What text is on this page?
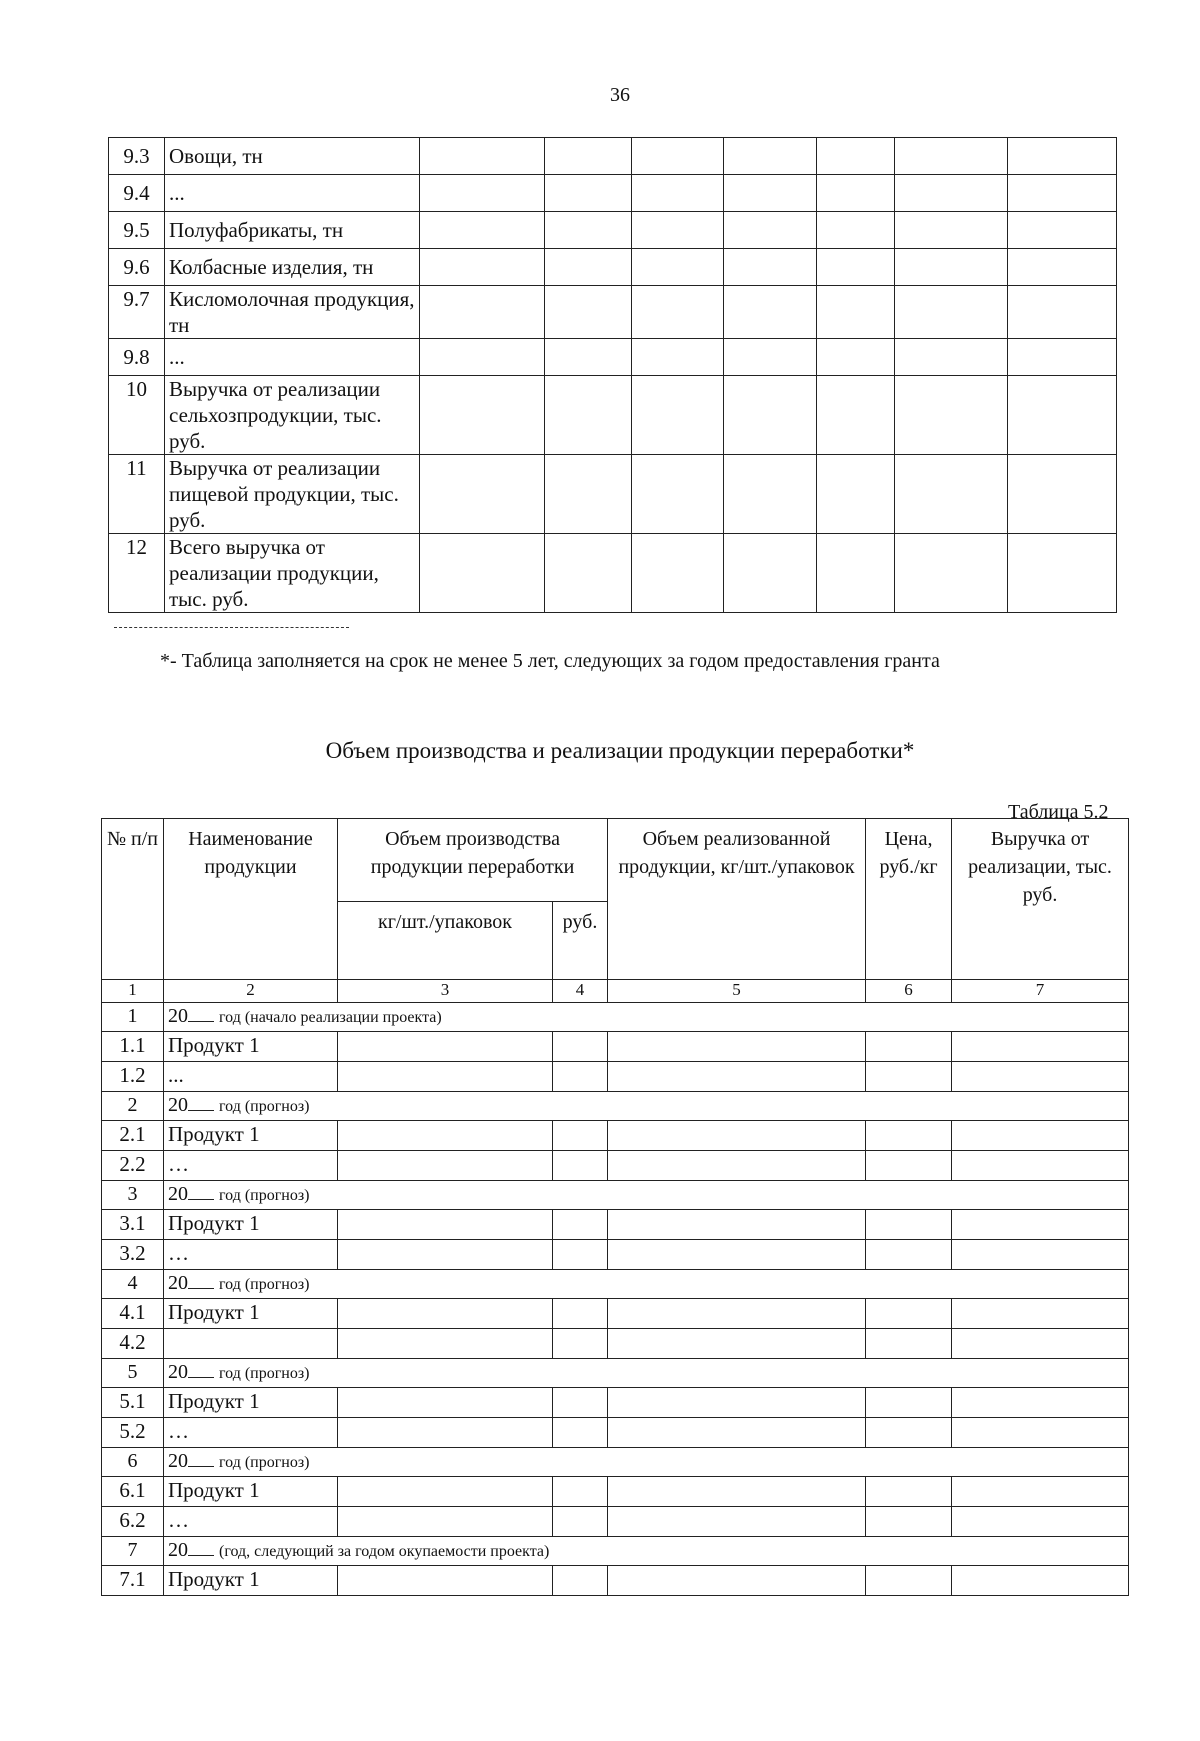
36
9.3	Овощи, тн							
9.4	...							
9.5	Полуфабрикаты, тн							
9.6	Колбасные изделия, тн							
9.7	Кисломолочная продукция, тн							
9.8	...							
10	Выручка от реализации сельхозпродукции, тыс. руб.							
11	Выручка от реализации пищевой продукции, тыс. руб.							
12	Всего выручка от реализации продукции, тыс. руб.							
*- Таблица заполняется на срок не менее 5 лет, следующих за годом предоставления гранта
Объем производства и реализации продукции переработки*
Таблица 5.2
№ п/п	Наименование продукции	Объем производства продукции переработки		Объем реализованной продукции, кг/шт./упаковок	Цена, руб./кг	Выручка от реализации, тыс. руб.
		кг/шт./упаковок	руб.			
1	2	3	4	5	6	7
1	20 год (начало реализации проекта)					
1.1	Продукт 1					
1.2	...					
2	20 год (прогноз)					
2.1	Продукт 1					
2.2	…					
3	20 год (прогноз)					
3.1	Продукт 1					
3.2	…					
4	20 год (прогноз)					
4.1	Продукт 1					
4.2						
5	20 год (прогноз)					
5.1	Продукт 1					
5.2	…					
6	20 год (прогноз)					
6.1	Продукт 1					
6.2	…					
7	20 (год, следующий за годом окупаемости проекта)					
7.1	Продукт 1					
